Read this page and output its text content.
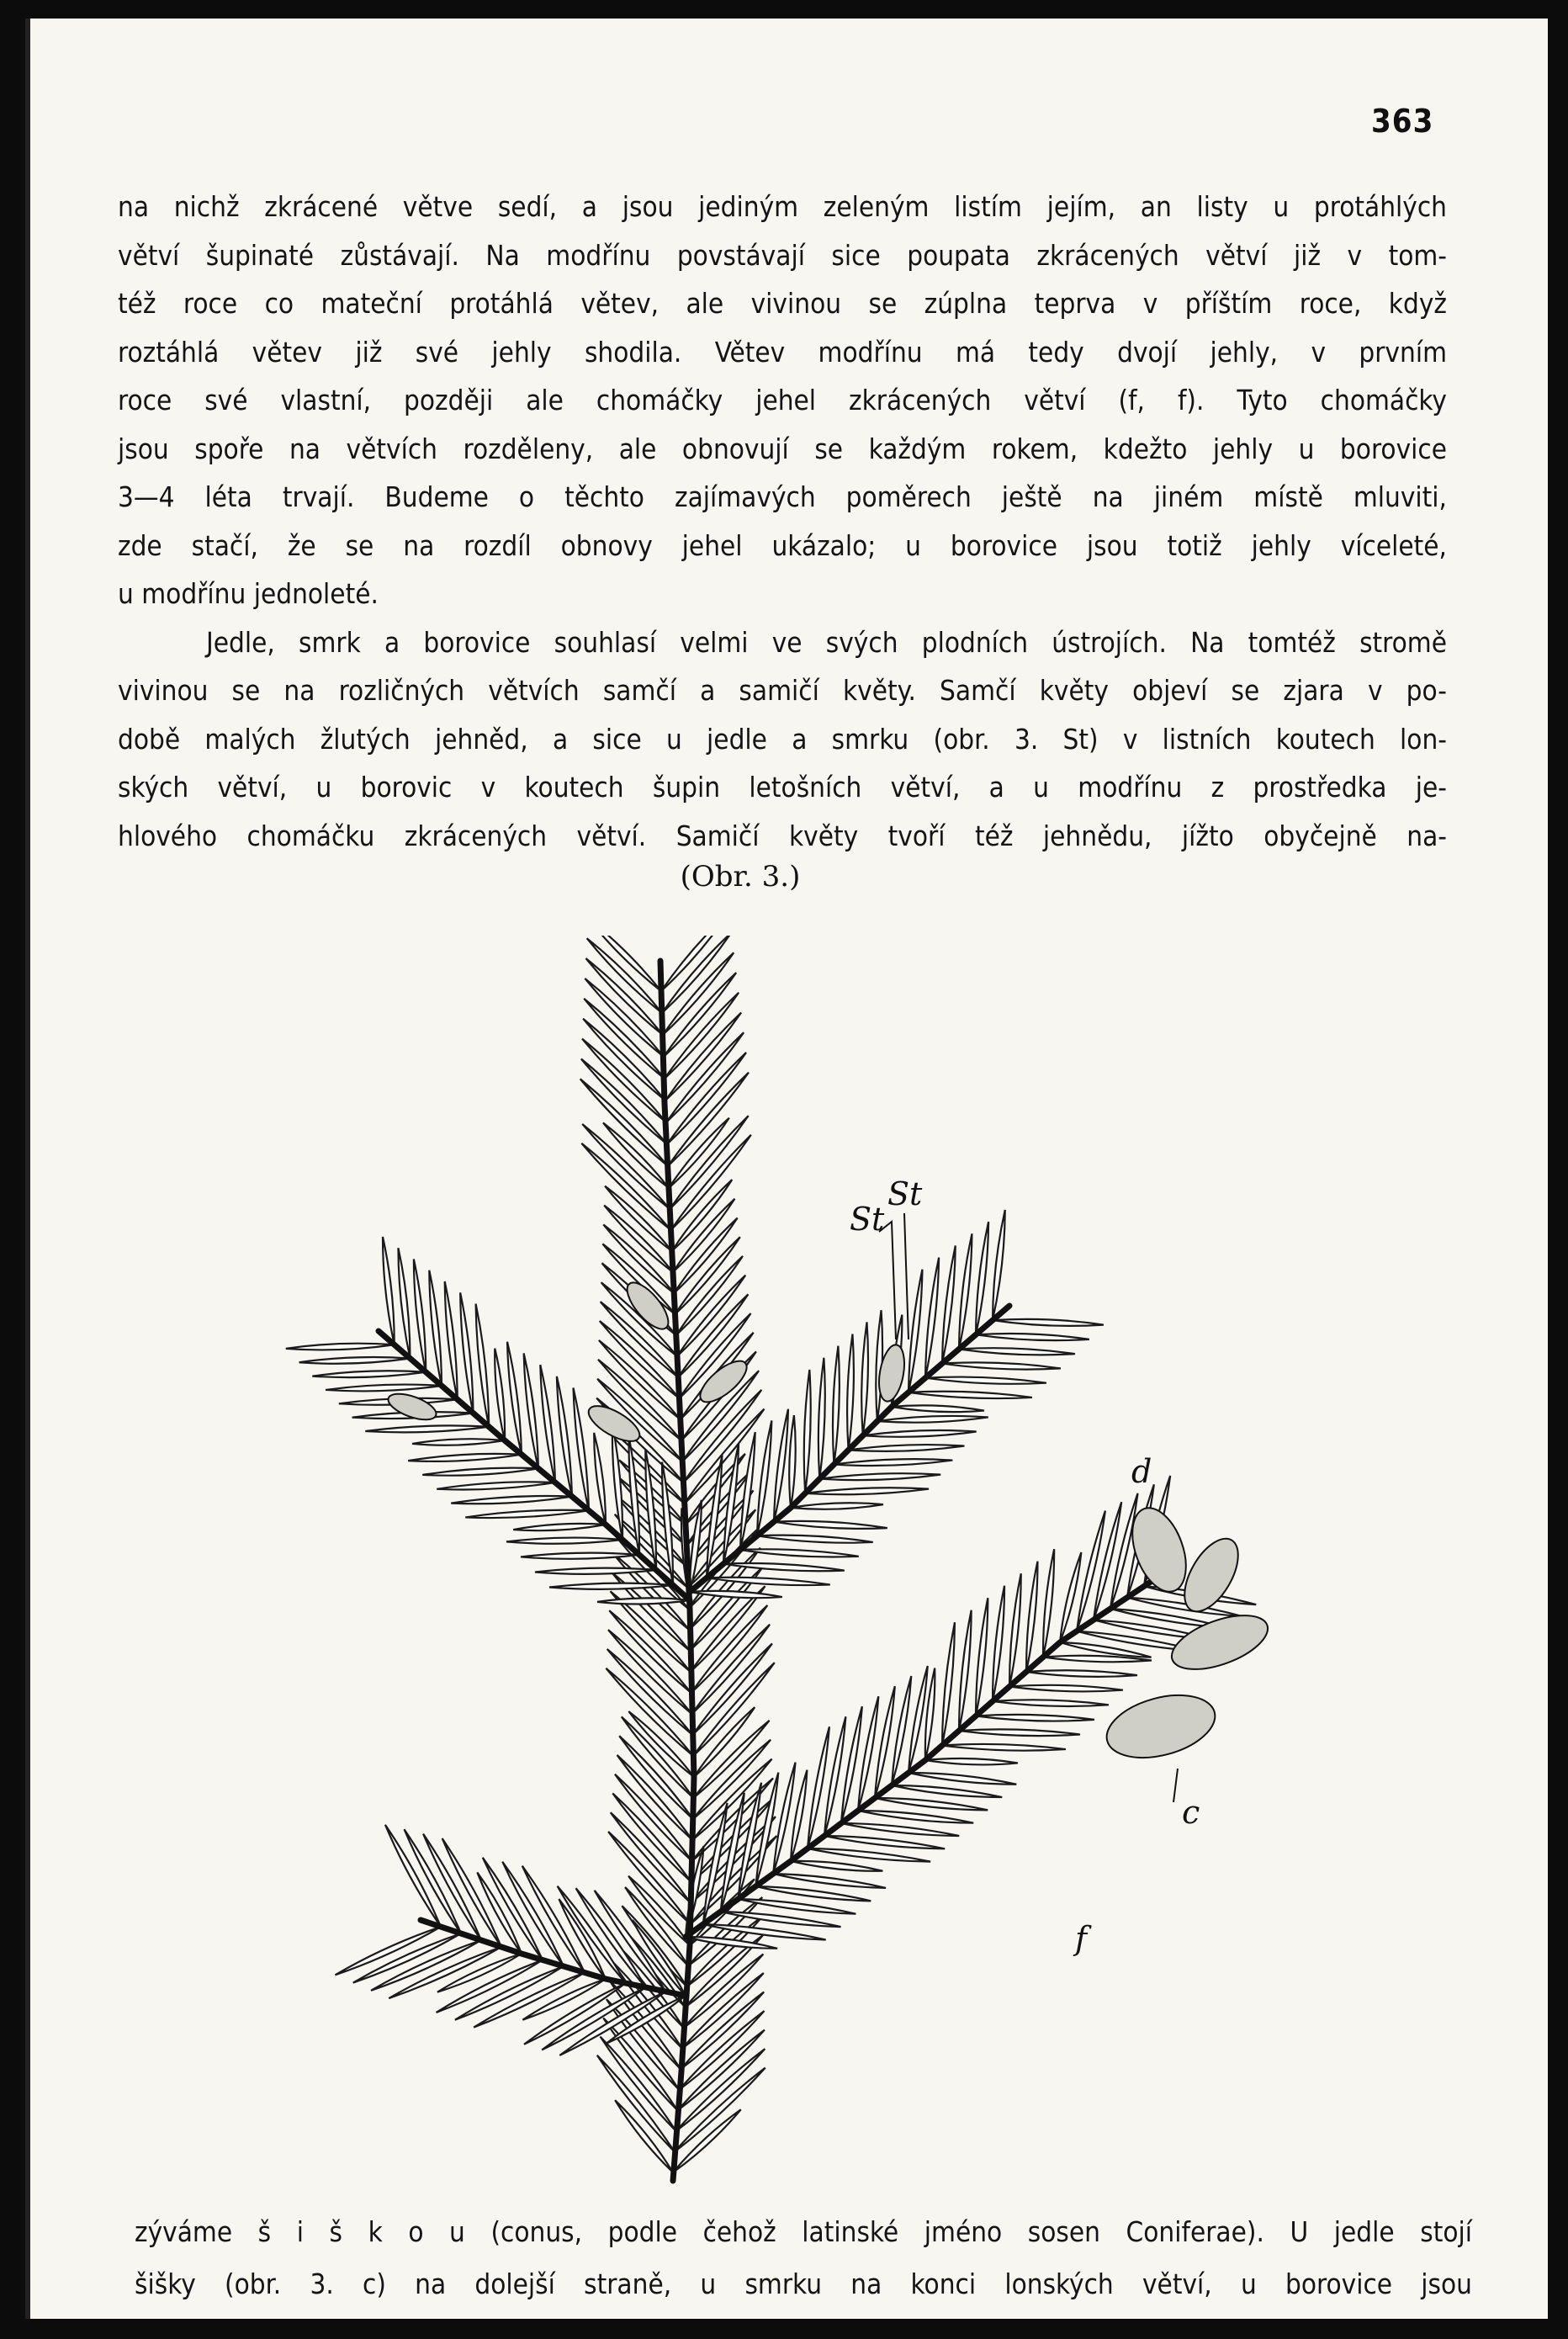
363
na nichž zkrácené větve sedí, a jsou jediným zeleným listím jejím, an listy u protáhlých
větví šupinaté zůstávají. Na modřínu povstávají sice poupata zkrácených větví již v tom-
též roce co mateční protáhlá větev, ale vivinou se zúplna teprva v příštím roce, když
roztáhlá větev již své jehly shodila. Větev modřínu má tedy dvojí jehly, v prvním
roce své vlastní, později ale chomáčky jehel zkrácených větví (f, f). Tyto chomáčky
jsou spoře na větvích rozděleny, ale obnovují se každým rokem, kdežto jehly u borovice
3—4 léta trvají. Budeme o těchto zajímavých poměrech ještě na jiném místě mluviti,
zde stačí, že se na rozdíl obnovy jehel ukázalo; u borovice jsou totiž jehly víceleté,
u modřínu jednoleté.
Jedle, smrk a borovice souhlasí velmi ve svých plodních ústrojích. Na tomtéž stromě
vivinou se na rozličných větvích samčí a samičí květy. Samčí květy objeví se zjara v po-
době malých žlutých jehněd, a sice u jedle a smrku (obr. 3. St) v listních koutech lon-
ských větví, u borovic v koutech šupin letošních větví, a u modřínu z prostředka je-
hlového chomáčku zkrácených větví. Samičí květy tvoří též jehnědu, jížto obyčejně na-
(Obr. 3.)
St
St
d
c
f
zýváme š i š k o u (conus, podle čehož latinské jméno sosen Coniferae). U jedle stojí
šišky (obr. 3. c) na dolejší straně, u smrku na konci lonských větví, u borovice jsou
